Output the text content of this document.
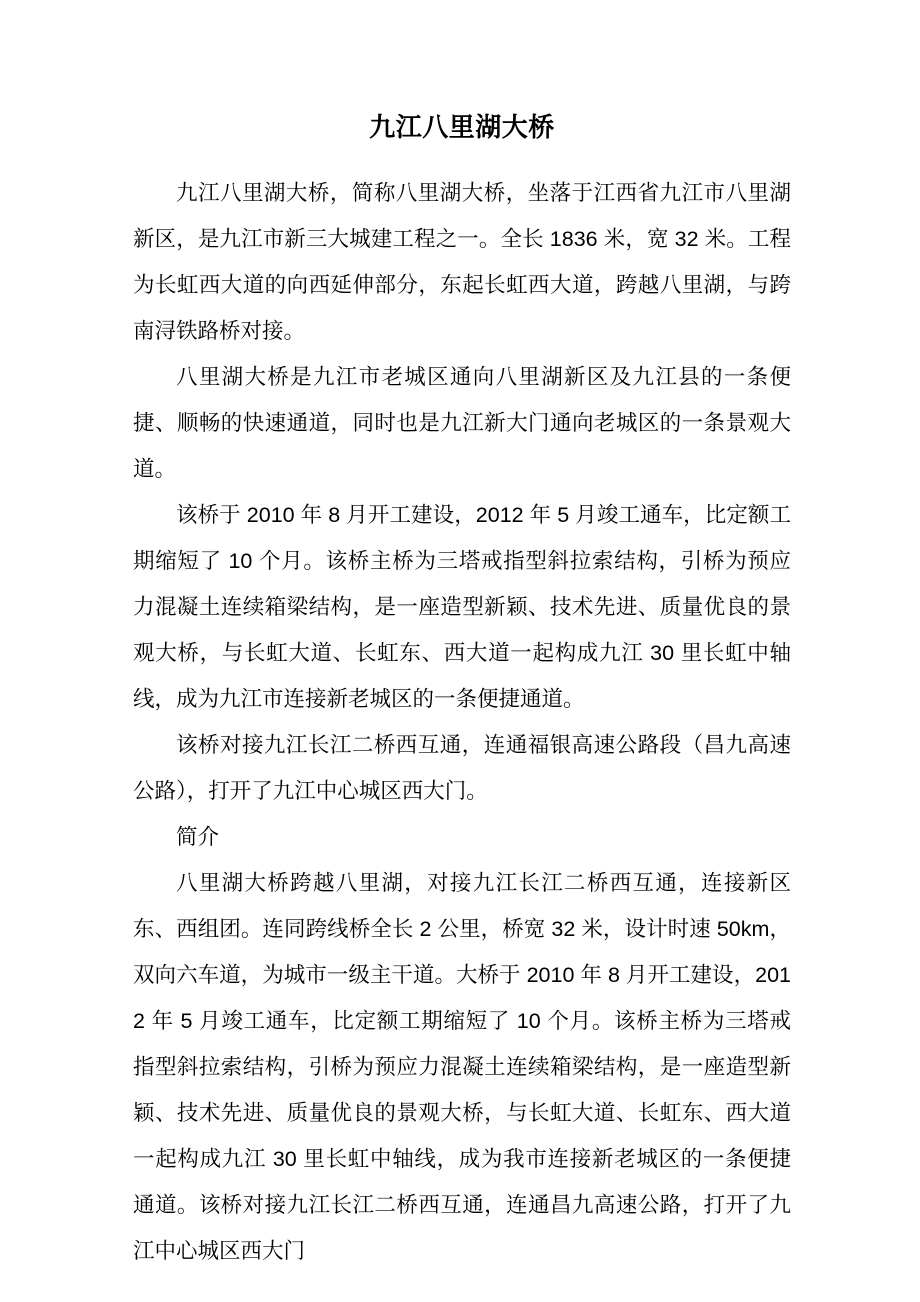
九江八里湖大桥

九江八里湖大桥，简称八里湖大桥，坐落于江西省九江市八里湖新区，是九江市新三大城建工程之一。全长 1836 米，宽 32 米。工程为长虹西大道的向西延伸部分，东起长虹西大道，跨越八里湖，与跨南浔铁路桥对接。

八里湖大桥是九江市老城区通向八里湖新区及九江县的一条便捷、顺畅的快速通道，同时也是九江新大门通向老城区的一条景观大道。

该桥于 2010 年 8 月开工建设，2012 年 5 月竣工通车，比定额工期缩短了 10 个月。该桥主桥为三塔戒指型斜拉索结构，引桥为预应力混凝土连续箱梁结构，是一座造型新颖、技术先进、质量优良的景观大桥，与长虹大道、长虹东、西大道一起构成九江 30 里长虹中轴线，成为九江市连接新老城区的一条便捷通道。

该桥对接九江长江二桥西互通，连通福银高速公路段（昌九高速公路），打开了九江中心城区西大门。

简介

八里湖大桥跨越八里湖，对接九江长江二桥西互通，连接新区东、西组团。连同跨线桥全长 2 公里，桥宽 32 米，设计时速 50km，双向六车道，为城市一级主干道。大桥于 2010 年 8 月开工建设，2012 年 5 月竣工通车，比定额工期缩短了 10 个月。该桥主桥为三塔戒指型斜拉索结构，引桥为预应力混凝土连续箱梁结构，是一座造型新颖、技术先进、质量优良的景观大桥，与长虹大道、长虹东、西大道一起构成九江 30 里长虹中轴线，成为我市连接新老城区的一条便捷通道。该桥对接九江长江二桥西互通，连通昌九高速公路，打开了九江中心城区西大门
